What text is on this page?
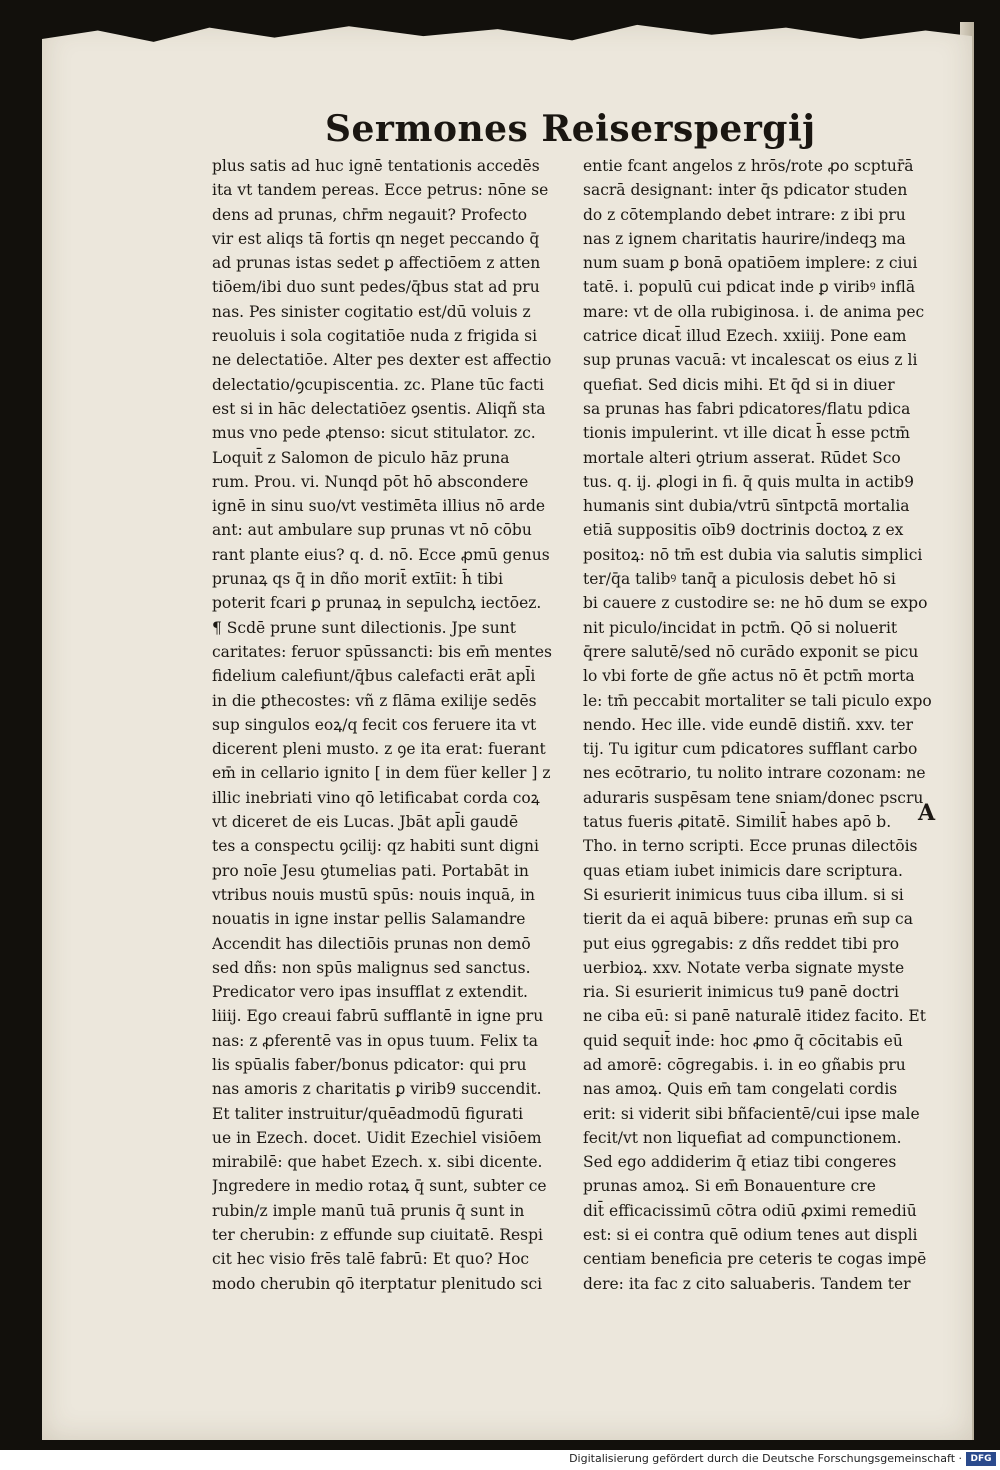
Sermones Reiserspergij
plus satis ad huc ignē tentationis accedēs
ita vt tandem pereas. Ecce petrus: nōne se
dens ad prunas, chr̄m negauit? Profecto
vir est aliqs tā fortis qn neget peccando q̄
ad prunas istas sedet ꝑ affectiōem z atten
tiōem/ibi duo sunt pedes/q̄bus stat ad pru
nas. Pes sinister cogitatio est/dū voluis z
reuoluis i sola cogitatiōe nuda z frigida si
ne delectatiōe. Alter pes dexter est affectio
delectatio/ꝯcupiscentia. zc. Plane tūc facti
est si in hāc delectatiōez ꝯsentis. Aliqñ sta
mus vno pede ꝓtenso: sicut stitulator. zc.
Loquit̄ z Salomon de piculo hāz pruna
rum. Prou. vi. Nunqd pōt hō abscondere
ignē in sinu suo/vt vestimēta illius nō arde
ant: aut ambulare sup prunas vt nō cōbu
rant plante eius? q. d. nō. Ecce ꝓmū genus
prunaꝝ qs q̄ in dño morit̄ extīit: h̄ tibi
poterit fcari ꝑ prunaꝝ in sepulchꝝ iectōez.
¶ Scdē prune sunt dilectionis. Jpe sunt
caritates: feruor spūssancti: bis em̄ mentes
fidelium calefiunt/q̄bus calefacti erāt apl̄i
in die ꝑthecostes: vñ z flāma exilije sedēs
sup singulos eoꝝ/q fecit cos feruere ita vt
dicerent pleni musto. z ꝯe ita erat: fuerant
em̄ in cellario ignito [ in dem füer keller ] z
illic inebriati vino qō letificabat corda coꝝ
vt diceret de eis Lucas. Jbāt apl̄i gaudē
tes a conspectu ꝯcilij: qz habiti sunt digni
pro noīe Jesu ꝯtumelias pati. Portabāt in
vtribus nouis mustū spūs: nouis inquā, in
nouatis in igne instar pellis Salamandre
Accendit has dilectiōis prunas non demō
sed dñs: non spūs malignus sed sanctus.
Predicator vero ipas insufflat z extendit.
liiij. Ego creaui fabrū sufflantē in igne pru
nas: z ꝓferentē vas in opus tuum. Felix ta
lis spūalis faber/bonus pdicator: qui pru
nas amoris z charitatis ꝑ virib9 succendit.
Et taliter instruitur/quēadmodū figurati
ue in Ezech. docet. Uidit Ezechiel visiōem
mirabilē: que habet Ezech. x. sibi dicente.
Jngredere in medio rotaꝝ q̄ sunt, subter ce
rubin/z imple manū tuā prunis q̄ sunt in
ter cherubin: z effunde sup ciuitatē. Respi
cit hec visio frēs talē fabrū: Et quo? Hoc
modo cherubin qō iterptatur plenitudo sci
entie fcant angelos z hrōs/rote ꝓo scptur̄ā
sacrā designant: inter q̄s pdicator studen
do z cōtemplando debet intrare: z ibi pru
nas z ignem charitatis haurire/indeqꝫ ma
num suam ꝑ bonā opatiōem implere: z ciui
tatē. i. populū cui pdicat inde ꝑ viribꝰ inflā
mare: vt de olla rubiginosa. i. de anima pec
catrice dicat̄ illud Ezech. xxiiij. Pone eam
sup prunas vacuā: vt incalescat os eius z li
quefiat. Sed dicis mihi. Et q̄d si in diuer
sa prunas has fabri pdicatores/flatu pdica
tionis impulerint. vt ille dicat h̄ esse pctm̄
mortale alteri ꝯtrium asserat. Rūdet Sco
tus. q. ij. ꝓlogi in fi. q̄ quis multa in actib9
humanis sint dubia/vtrū sīntpctā mortalia
etiā suppositis oīb9 doctrinis doctoꝝ z ex
positoꝝ: nō tm̄ est dubia via salutis simplici
ter/q̄a talibꝰ tanq̄ a piculosis debet hō si
bi cauere z custodire se: ne hō dum se expo
nit piculo/incidat in pctm̄. Qō si noluerit
q̄rere salutē/sed nō curādo exponit se picu
lo vbi forte de gñe actus nō ēt pctm̄ morta
le: tm̄ peccabit mortaliter se tali piculo expo
nendo. Hec ille. vide eundē distiñ. xxv. ter
tij. Tu igitur cum pdicatores sufflant carbo
nes ecōtrario, tu nolito intrare cozonam: ne
aduraris suspēsam tene sniam/donec pscru
tatus fueris ꝓitatē. Similit̄ habes apō b.
Tho. in terno scripti. Ecce prunas dilectōis
quas etiam iubet inimicis dare scriptura.
Si esurierit inimicus tuus ciba illum. si si
tierit da ei aquā bibere: prunas em̄ sup ca
put eius ꝯgregabis: z dñs reddet tibi pro
uerbioꝝ. xxv. Notate verba signate myste
ria. Si esurierit inimicus tu9 panē doctri
ne ciba eū: si panē naturalē itidez facito. Et
quid sequit̄ inde: hoc ꝓmo q̄ cōcitabis eū
ad amorē: cōgregabis. i. in eo gñabis pru
nas amoꝝ. Quis em̄ tam congelati cordis
erit: si viderit sibi bñfacientē/cui ipse male
fecit/vt non liquefiat ad compunctionem.
Sed ego addiderim q̄ etiaz tibi congeres
prunas amoꝝ. Si em̄ Bonauenture cre
dit̄ efficacissimū cōtra odiū ꝓximi remediū
est: si ei contra quē odium tenes aut displi
centiam beneficia pre ceteris te cogas impē
dere: ita fac z cito saluaberis. Tandem ter
A
Digitalisierung gefördert durch die Deutsche Forschungsgemeinschaft · DFG
